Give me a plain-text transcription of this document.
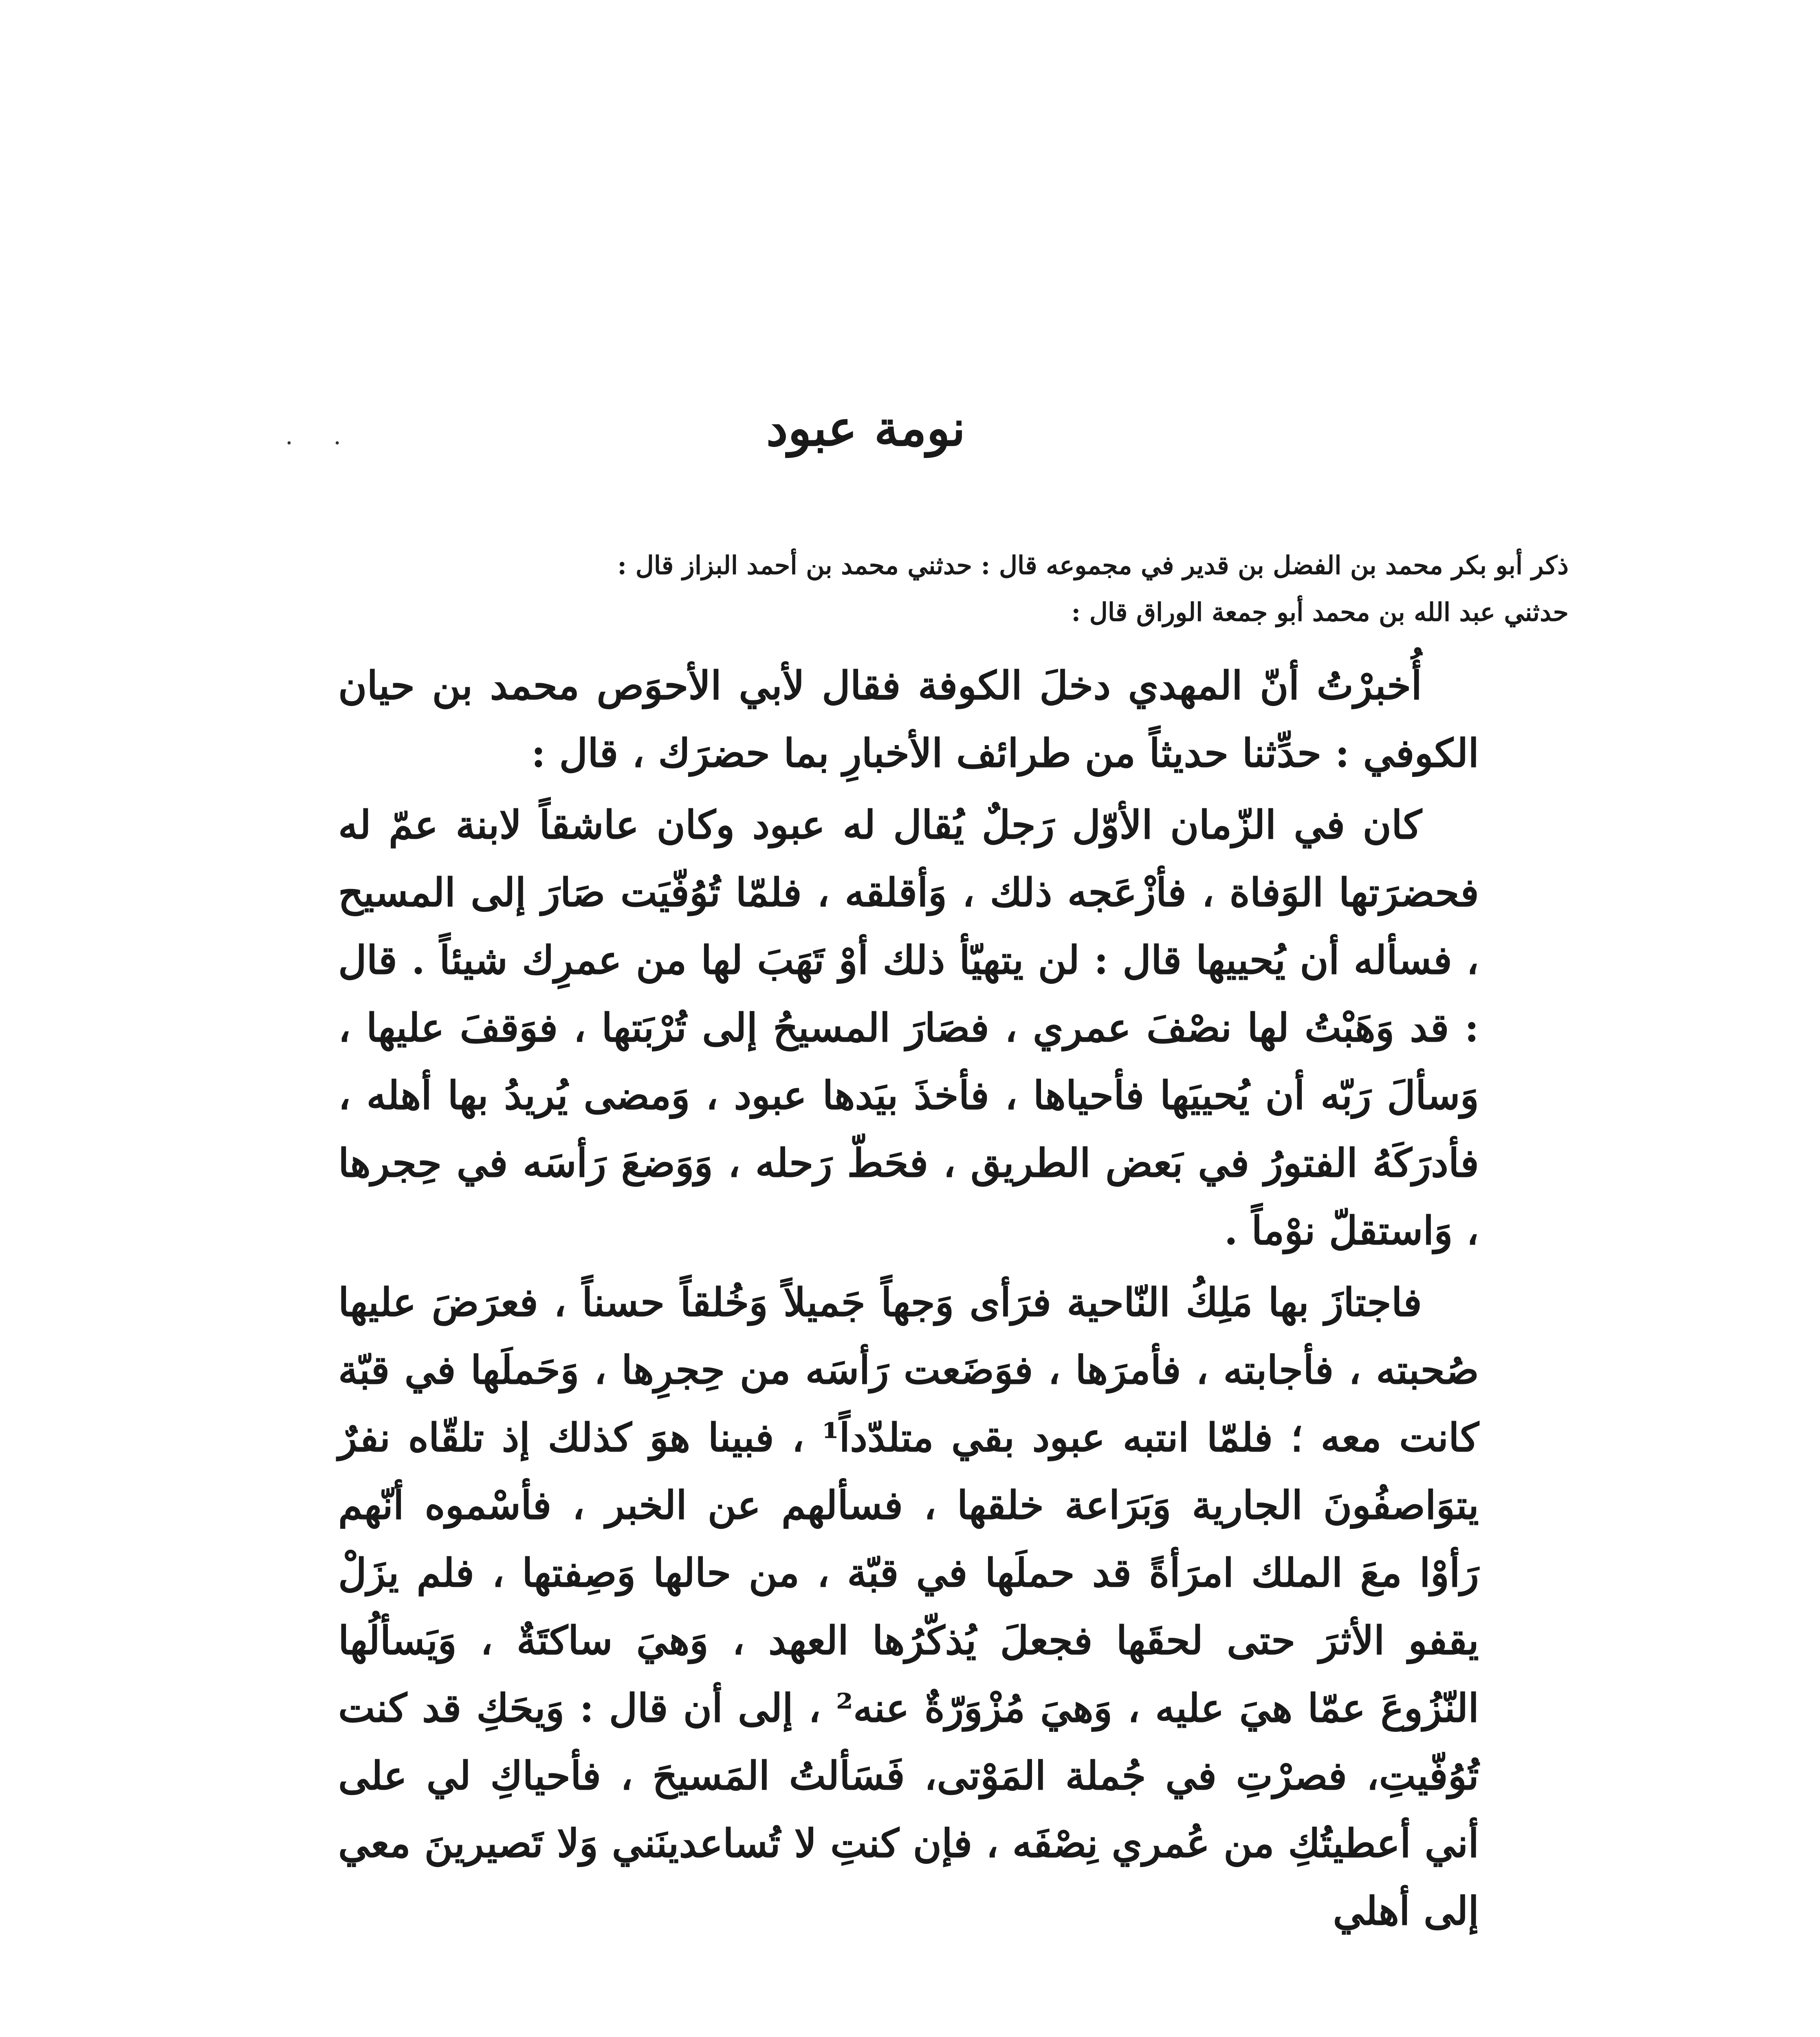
. .	نومة عبود

ذكر أبو بكر محمد بن الفضل بن قدير في مجموعه قال : حدثني محمد بن أحمد البزاز قال :

حدثني عبد الله بن محمد أبو جمعة الوراق قال :

أُخبرْتُ أنّ المهدي دخلَ الكوفة فقال لأبي الأحوَص محمد بن حيان الكوفي : حدِّثنا حديثاً من طرائف الأخبارِ بما حضرَك ، قال :

كان في الزّمان الأوّل رَجلٌ يُقال له عبود وكان عاشقاً لابنة عمّ له فحضرَتها الوَفاة ، فأزْعَجه ذلك ، وَأقلقه ، فلمّا تُوُفّيَت صَارَ إلى المسيح ، فسأله أن يُحييها قال : لن يتهيّأ ذلك أوْ تَهَبَ لها من عمرِك شيئاً . قال : قد وَهَبْتُ لها نصْفَ عمري ، فصَارَ المسيحُ إلى تُرْبَتها ، فوَقفَ عليها ، وَسألَ رَبّه أن يُحييَها فأحياها ، فأخذَ بيَدها عبود ، وَمضى يُريدُ بها أهله ، فأدرَكَهُ الفتورُ في بَعض الطريق ، فحَطّ رَحله ، وَوَضعَ رَأسَه في حِجرها ، وَاستقلّ نوْماً .

فاجتازَ بها مَلِكُ النّاحية فرَأى وَجهاً جَميلاً وَخُلقاً حسناً ، فعرَضَ عليها صُحبته ، فأجابته ، فأمرَها ، فوَضَعت رَأسَه من حِجرِها ، وَحَملَها في قبّة كانت معه ؛ فلمّا انتبه عبود بقي متلدّداً¹ ، فبينا هوَ كذلك إذ تلقّاه نفرٌ يتوَاصفُونَ الجارية وَبَرَاعة خلقها ، فسألهم عن الخبر ، فأسْموه أنّهم رَأوْا معَ الملك امرَأةً قد حملَها في قبّة ، من حالها وَصِفتها ، فلم يزَلْ يقفو الأثرَ حتى لحقَها فجعلَ يُذكّرُها العهد ، وَهيَ ساكتَةٌ ، وَيَسألُها النّزُوعَ عمّا هيَ عليه ، وَهيَ مُزْوَرّةٌ عنه² ، إلى أن قال : وَيحَكِ قد كنت تُوُفّيتِ، فصرْتِ في جُملة المَوْتى، فَسَألتُ المَسيحَ ، فأحياكِ لي على أني أعطيتُكِ من عُمري نِصْفَه ، فإن كنتِ لا تُساعدينَني وَلا تَصيرينَ معي إلى أهلي
